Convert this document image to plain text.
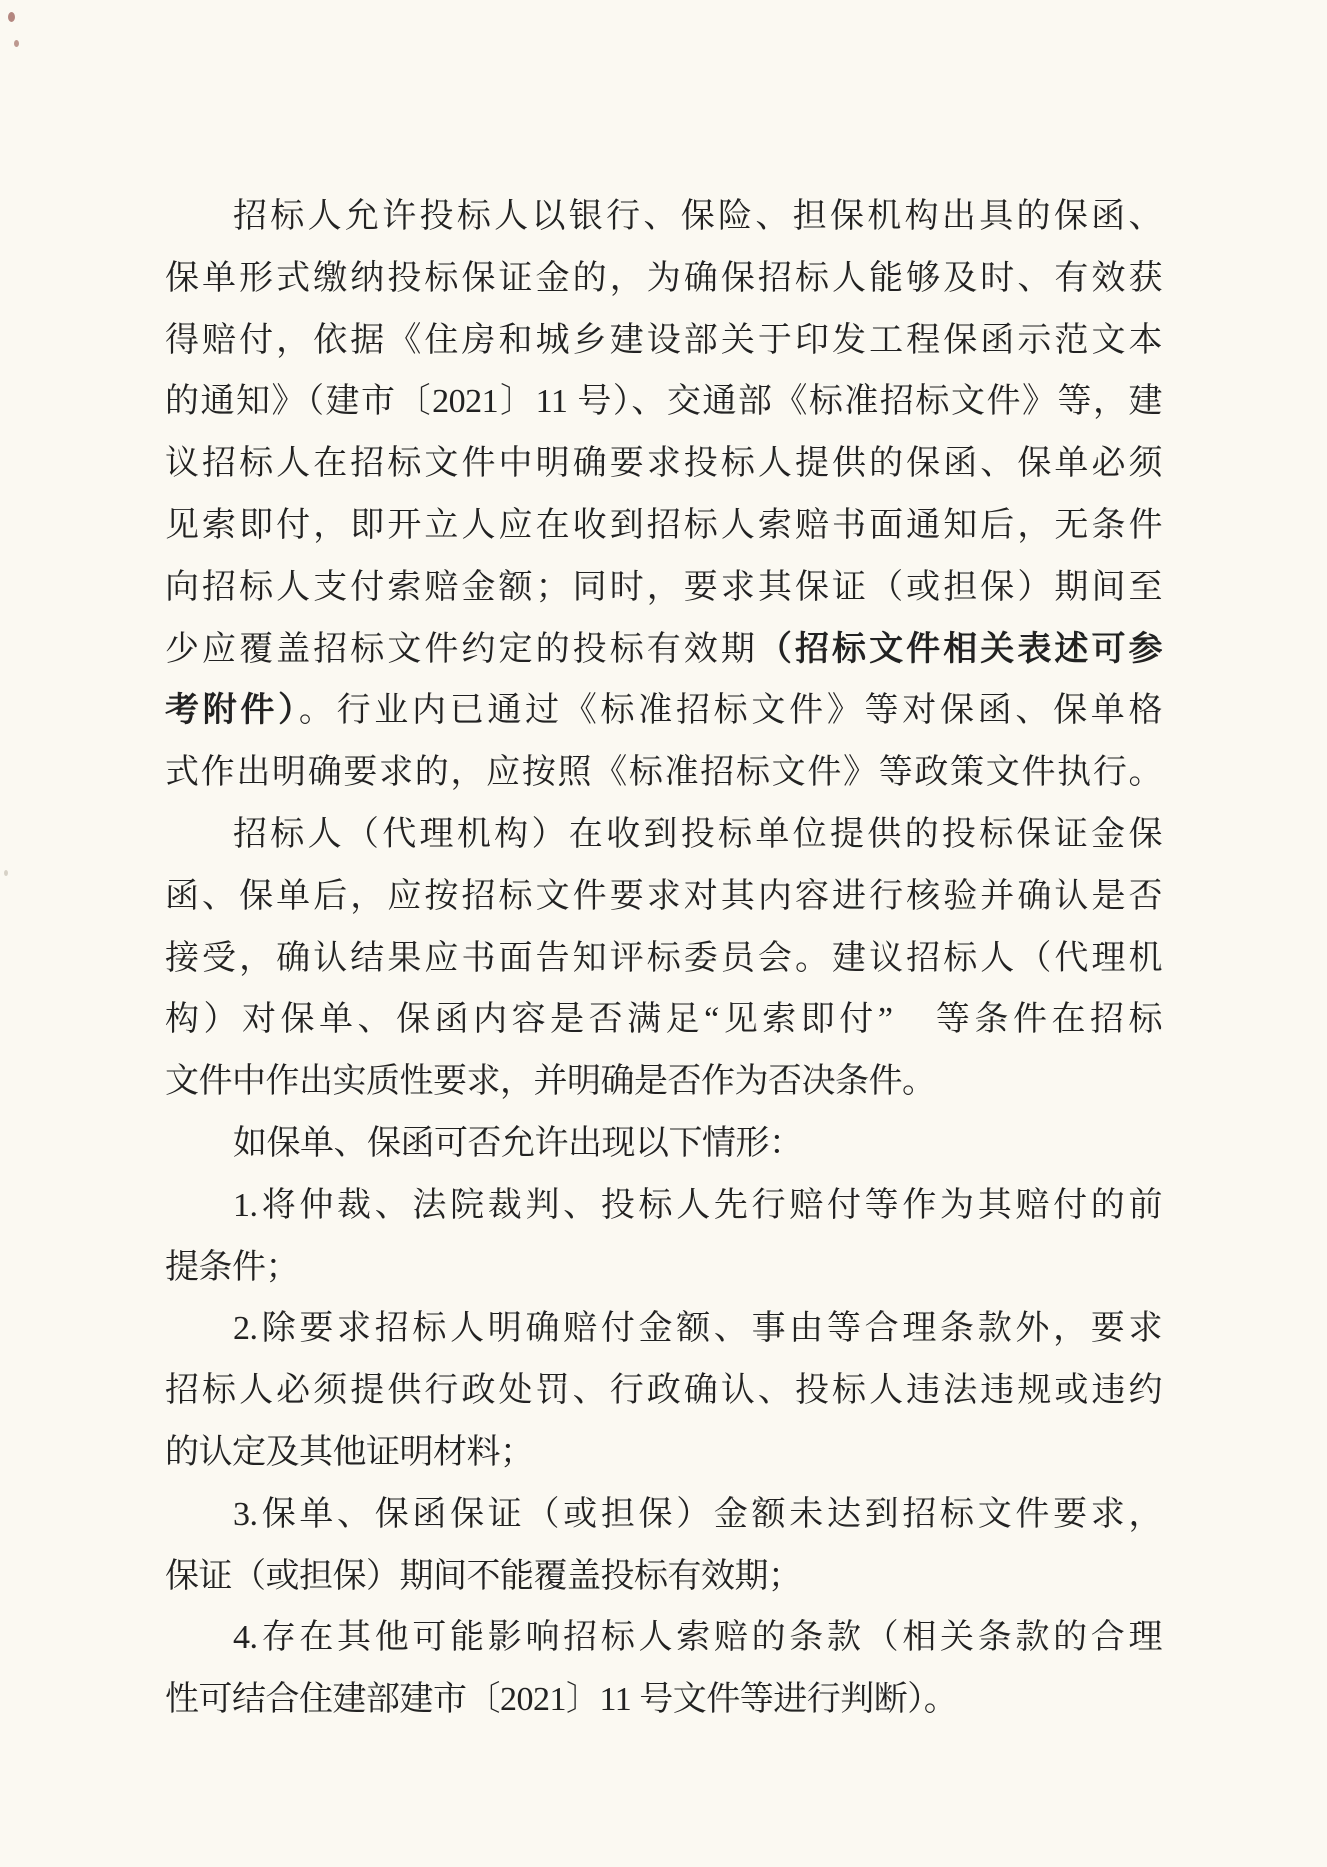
招标人允许投标人以银行、保险、担保机构出具的保函、
保单形式缴纳投标保证金的，为确保招标人能够及时、有效获
得赔付，依据《住房和城乡建设部关于印发工程保函示范文本
的通知》（建市〔2021〕11 号）、交通部《标准招标文件》等，建
议招标人在招标文件中明确要求投标人提供的保函、保单必须
见索即付，即开立人应在收到招标人索赔书面通知后，无条件
向招标人支付索赔金额；同时，要求其保证（或担保）期间至
少应覆盖招标文件约定的投标有效期（招标文件相关表述可参
考附件）。行业内已通过《标准招标文件》等对保函、保单格
式作出明确要求的，应按照《标准招标文件》等政策文件执行。
招标人（代理机构）在收到投标单位提供的投标保证金保
函、保单后，应按招标文件要求对其内容进行核验并确认是否
接受，确认结果应书面告知评标委员会。建议招标人（代理机
构）对保单、保函内容是否满足“见索即付”　等条件在招标
文件中作出实质性要求，并明确是否作为否决条件。
如保单、保函可否允许出现以下情形：
1.将仲裁、法院裁判、投标人先行赔付等作为其赔付的前
提条件；
2.除要求招标人明确赔付金额、事由等合理条款外，要求
招标人必须提供行政处罚、行政确认、投标人违法违规或违约
的认定及其他证明材料；
3.保单、保函保证（或担保）金额未达到招标文件要求，
保证（或担保）期间不能覆盖投标有效期；
4.存在其他可能影响招标人索赔的条款（相关条款的合理
性可结合住建部建市〔2021〕11 号文件等进行判断）。
